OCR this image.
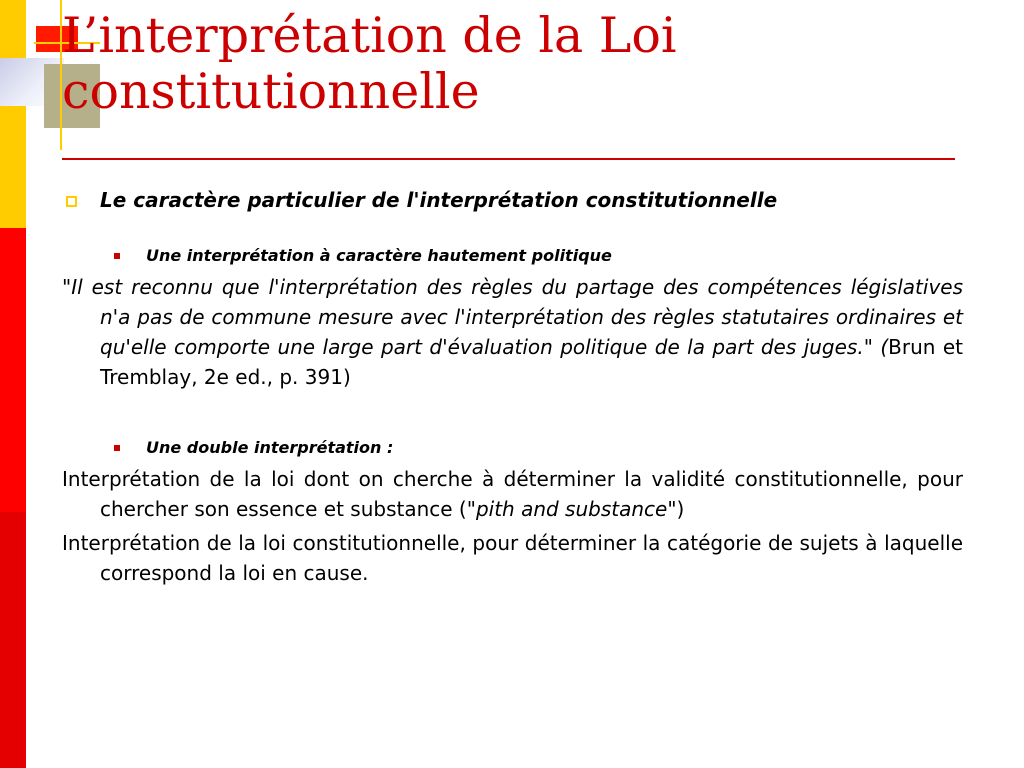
L’interprétation de la Loi constitutionnelle
Le caractère particulier de l'interprétation constitutionnelle
Une interprétation à caractère hautement politique
"Il est reconnu que l'interprétation des règles du partage des compétences législatives n'a pas de commune mesure avec l'interprétation des règles statutaires ordinaires et qu'elle comporte une large part d'évaluation politique de la part des juges." (Brun et Tremblay, 2e ed., p. 391)
Une double interprétation :
Interprétation de la loi dont on cherche à déterminer la validité constitutionnelle, pour chercher son essence et substance ("pith and substance")
Interprétation de la loi constitutionnelle, pour déterminer la catégorie de sujets à laquelle correspond la loi en cause.
